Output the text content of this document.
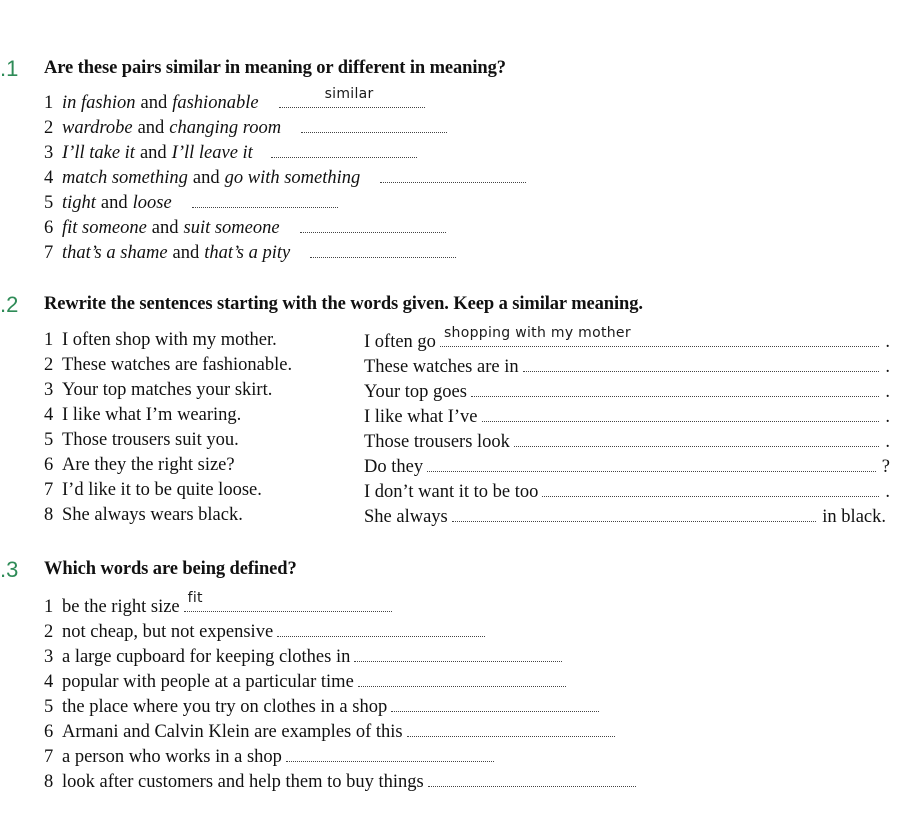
.1 Are these pairs similar in meaning or different in meaning?
1 in fashion and fashionable	similar
2 wardrobe and changing room
3 I’ll take it and I’ll leave it
4 match something and go with something
5 tight and loose
6 fit someone and suit someone
7 that’s a shame and that’s a pity
.2 Rewrite the sentences starting with the words given. Keep a similar meaning.
1 I often shop with my mother.	I often go shopping with my mother	.
2 These watches are fashionable.	These watches are in	.
3 Your top matches your skirt.	Your top goes	.
4 I like what I’m wearing.	I like what I’ve	.
5 Those trousers suit you.	Those trousers look	.
6 Are they the right size?	Do they	?
7 I’d like it to be quite loose.	I don’t want it to be too	.
8 She always wears black.	She always	in black.
.3 Which words are being defined?
1 be the right size fit
2 not cheap, but not expensive
3 a large cupboard for keeping clothes in
4 popular with people at a particular time
5 the place where you try on clothes in a shop
6 Armani and Calvin Klein are examples of this
7 a person who works in a shop
8 look after customers and help them to buy things
